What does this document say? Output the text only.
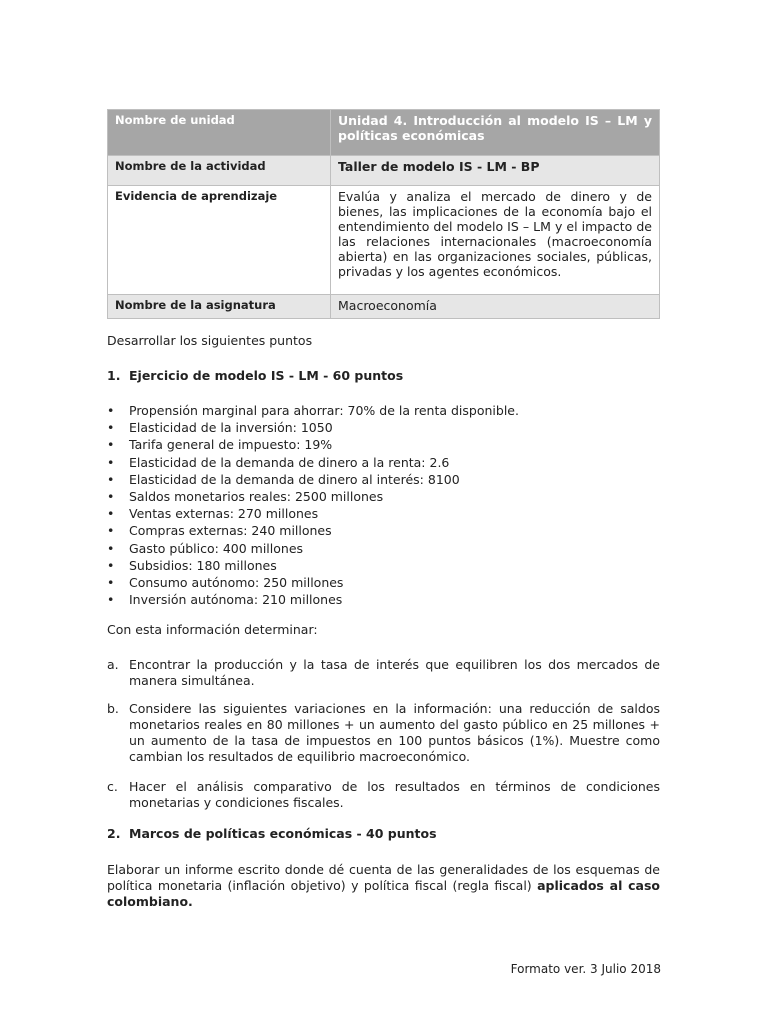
Nombre de unidad	Unidad 4. Introducción al modelo IS – LM y políticas económicas
Nombre de la actividad	Taller de modelo IS - LM - BP
Evidencia de aprendizaje	Evalúa y analiza el mercado de dinero y de bienes, las implicaciones de la economía bajo el entendimiento del modelo IS – LM y el impacto de las relaciones internacionales (macroeconomía abierta) en las organizaciones sociales, públicas, privadas y los agentes económicos.
Nombre de la asignatura	Macroeconomía
Desarrollar los siguientes puntos
1. Ejercicio de modelo IS - LM - 60 puntos
• Propensión marginal para ahorrar: 70% de la renta disponible.
• Elasticidad de la inversión: 1050
• Tarifa general de impuesto: 19%
• Elasticidad de la demanda de dinero a la renta: 2.6
• Elasticidad de la demanda de dinero al interés: 8100
• Saldos monetarios reales: 2500 millones
• Ventas externas: 270 millones
• Compras externas: 240 millones
• Gasto público: 400 millones
• Subsidios: 180 millones
• Consumo autónomo: 250 millones
• Inversión autónoma: 210 millones
Con esta información determinar:
a. Encontrar la producción y la tasa de interés que equilibren los dos mercados de manera simultánea.
b. Considere las siguientes variaciones en la información: una reducción de saldos monetarios reales en 80 millones + un aumento del gasto público en 25 millones + un aumento de la tasa de impuestos en 100 puntos básicos (1%). Muestre como cambian los resultados de equilibrio macroeconómico.
c. Hacer el análisis comparativo de los resultados en términos de condiciones monetarias y condiciones fiscales.
2. Marcos de políticas económicas - 40 puntos
Elaborar un informe escrito donde dé cuenta de las generalidades de los esquemas de política monetaria (inflación objetivo) y política fiscal (regla fiscal) aplicados al caso colombiano.
Formato ver. 3 Julio 2018
